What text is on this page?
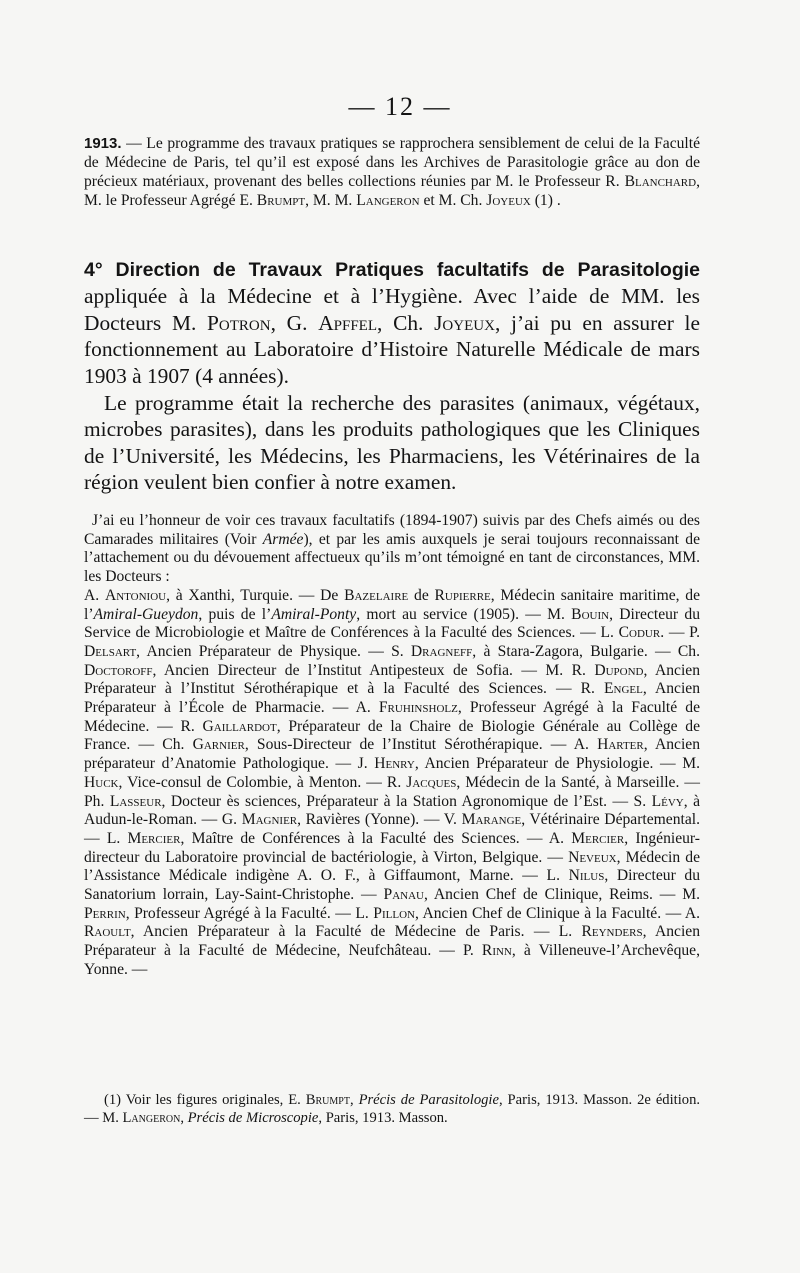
— 12 —

1913. — Le programme des travaux pratiques se rapprochera sensiblement de celui de la Faculté de Médecine de Paris, tel qu’il est exposé dans les Archives de Parasitologie grâce au don de précieux matériaux, provenant des belles collections réunies par M. le Professeur R. Blanchard, M. le Professeur Agrégé E. Brumpt, M. M. Langeron et M. Ch. Joyeux (1) .

4° Direction de Travaux Pratiques facultatifs de Parasitologie appliquée à la Médecine et à l’Hygiène. Avec l’aide de MM. les Docteurs M. Potron, G. Apffel, Ch. Joyeux, j’ai pu en assurer le fonctionnement au Laboratoire d’Histoire Naturelle Médicale de mars 1903 à 1907 (4 années).

Le programme était la recherche des parasites (animaux, végétaux, microbes parasites), dans les produits pathologiques que les Cliniques de l’Université, les Médecins, les Pharmaciens, les Vétérinaires de la région veulent bien confier à notre examen.

J’ai eu l’honneur de voir ces travaux facultatifs (1894-1907) suivis par des Chefs aimés ou des Camarades militaires (Voir Armée), et par les amis auxquels je serai toujours reconnaissant de l’attachement ou du dévouement affectueux qu’ils m’ont témoigné en tant de circonstances, MM. les Docteurs :

A. Antoniou, à Xanthi, Turquie. — De Bazelaire de Rupierre, Médecin sanitaire maritime, de l’Amiral-Gueydon, puis de l’Amiral-Ponty, mort au service (1905). — M. Bouin, Directeur du Service de Microbiologie et Maître de Conférences à la Faculté des Sciences. — L. Codur. — P. Delsart, Ancien Préparateur de Physique. — S. Dragneff, à Stara-Zagora, Bulgarie. — Ch. Doctoroff, Ancien Directeur de l’Institut Antipesteux de Sofia. — M. R. Dupond, Ancien Préparateur à l’Institut Sérothérapique et à la Faculté des Sciences. — R. Engel, Ancien Préparateur à l’École de Pharmacie. — A. Fruhinsholz, Professeur Agrégé à la Faculté de Médecine. — R. Gaillardot, Préparateur de la Chaire de Biologie Générale au Collège de France. — Ch. Garnier, Sous-Directeur de l’Institut Sérothérapique. — A. Harter, Ancien préparateur d’Anatomie Pathologique. — J. Henry, Ancien Préparateur de Physiologie. — M. Huck, Vice-consul de Colombie, à Menton. — R. Jacques, Médecin de la Santé, à Marseille. — Ph. Lasseur, Docteur ès sciences, Préparateur à la Station Agronomique de l’Est. — S. Lévy, à Audun-le-Roman. — G. Magnier, Ravières (Yonne). — V. Marange, Vétérinaire Départemental. — L. Mercier, Maître de Conférences à la Faculté des Sciences. — A. Mercier, Ingénieur-directeur du Laboratoire provincial de bactériologie, à Virton, Belgique. — Neveux, Médecin de l’Assistance Médicale indigène A. O. F., à Giffaumont, Marne. — L. Nilus, Directeur du Sanatorium lorrain, Lay-Saint-Christophe. — Panau, Ancien Chef de Clinique, Reims. — M. Perrin, Professeur Agrégé à la Faculté. — L. Pillon, Ancien Chef de Clinique à la Faculté. — A. Raoult, Ancien Préparateur à la Faculté de Médecine de Paris. — L. Reynders, Ancien Préparateur à la Faculté de Médecine, Neufchâteau. — P. Rinn, à Villeneuve-l’Archevêque, Yonne. —

(1) Voir les figures originales, E. Brumpt, Précis de Parasitologie, Paris, 1913. Masson. 2e édition. — M. Langeron, Précis de Microscopie, Paris, 1913. Masson.
